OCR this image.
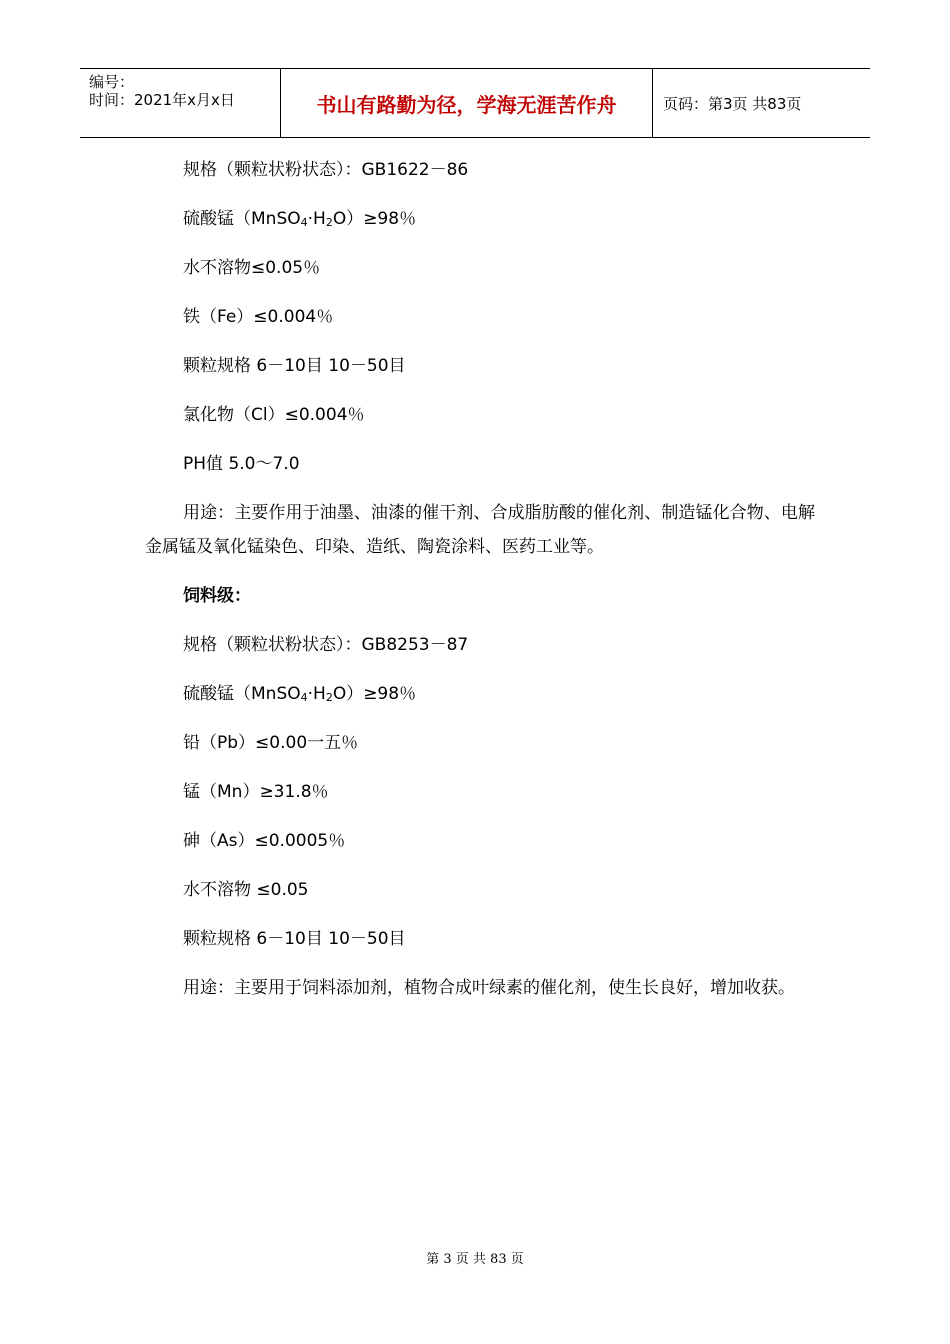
编号：
时间：2021年x月x日	书山有路勤为径，学海无涯苦作舟	页码：第3页 共83页
规格（颗粒状粉状态）：GB1622－86
硫酸锰$(MnSO_4\cdot H_2O)\ge 98$％
水不溶物≤0.05％
铁（Fe）≤0.004％
颗粒规格 6－10目 10－50目
氯化物（Cl）≤0.004％
PH值 5.0～7.0
用途：主要作用于油墨、油漆的催干剂、合成脂肪酸的催化剂、制造锰化合物、电解金属锰及氧化锰染色、印染、造纸、陶瓷涂料、医药工业等。
饲料级：
规格（颗粒状粉状态）：GB8253－87
硫酸锰$(MnSO_4\cdot H_2O)\ge 98$％
铅（Pb）≤0.00一五％
锰（Mn）≥31.8％
砷（As）≤0.0005％
水不溶物 ≤0.05
颗粒规格 6－10目 10－50目
用途：主要用于饲料添加剂，植物合成叶绿素的催化剂，使生长良好，增加收获。
第 3 页 共 83 页
